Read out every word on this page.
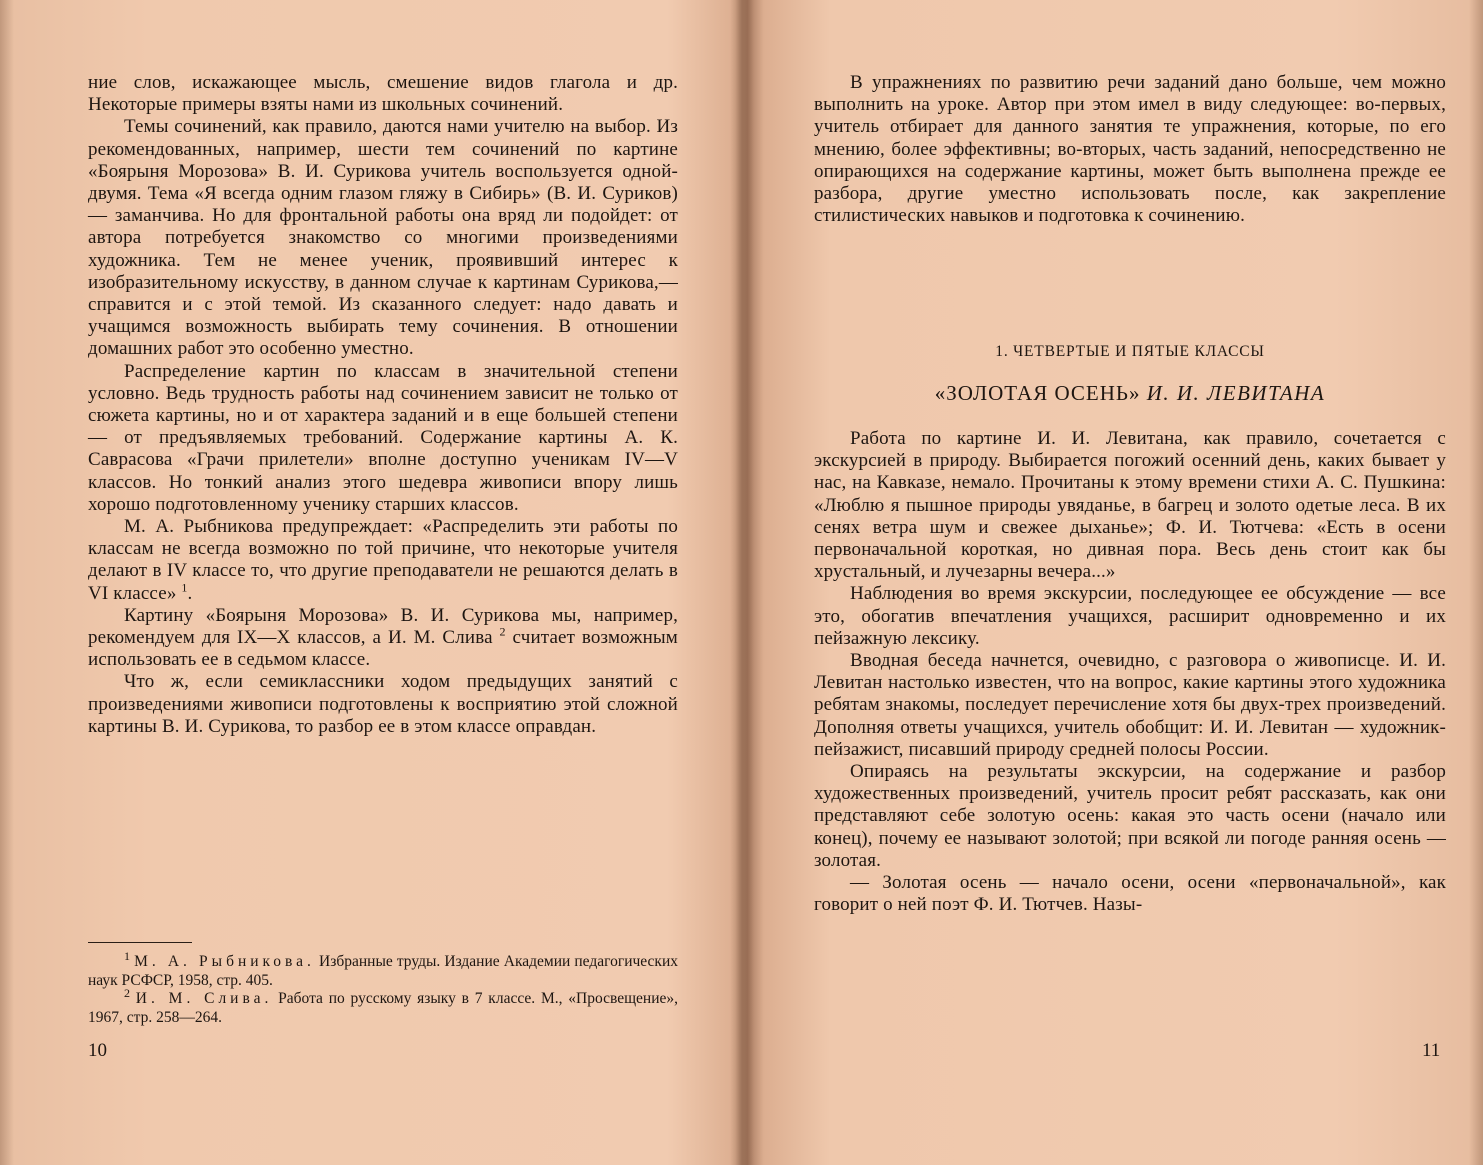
ние слов, искажающее мысль, смешение видов глагола и др. Некоторые примеры взяты нами из школьных сочинений.

Темы сочинений, как правило, даются нами учителю на выбор. Из рекомендованных, например, шести тем сочинений по картине «Боярыня Морозова» В. И. Сурикова учитель воспользуется одной-двумя. Тема «Я всегда одним глазом гляжу в Сибирь» (В. И. Суриков) — заманчива. Но для фронтальной работы она вряд ли подойдет: от автора потребуется знакомство со многими произведениями художника. Тем не менее ученик, проявивший интерес к изобразительному искусству, в данном случае к картинам Сурикова,— справится и с этой темой. Из сказанного следует: надо давать и учащимся возможность выбирать тему сочинения. В отношении домашних работ это особенно уместно.

Распределение картин по классам в значительной степени условно. Ведь трудность работы над сочинением зависит не только от сюжета картины, но и от характера заданий и в еще большей степени — от предъявляемых требований. Содержание картины А. К. Саврасова «Грачи прилетели» вполне доступно ученикам IV—V классов. Но тонкий анализ этого шедевра живописи впору лишь хорошо подготовленному ученику старших классов.

М. А. Рыбникова предупреждает: «Распределить эти работы по классам не всегда возможно по той причине, что некоторые учителя делают в IV классе то, что другие преподаватели не решаются делать в VI классе» $^1$.

Картину «Боярыня Морозова» В. И. Сурикова мы, например, рекомендуем для IX—X классов, а И. М. Слива $^2$ считает возможным использовать ее в седьмом классе.

Что ж, если семиклассники ходом предыдущих занятий с произведениями живописи подготовлены к восприятию этой сложной картины В. И. Сурикова, то разбор ее в этом классе оправдан.

$^1$ М. А. Рыбникова. Избранные труды. Издание Академии педагогических наук РСФСР, 1958, стр. 405.

$^2$ И. М. Слива. Работа по русскому языку в 7 классе. М., «Просвещение», 1967, стр. 258—264.

10

В упражнениях по развитию речи заданий дано больше, чем можно выполнить на уроке. Автор при этом имел в виду следующее: во-первых, учитель отбирает для данного занятия те упражнения, которые, по его мнению, более эффективны; во-вторых, часть заданий, непосредственно не опирающихся на содержание картины, может быть выполнена прежде ее разбора, другие уместно использовать после, как закрепление стилистических навыков и подготовка к сочинению.

1. ЧЕТВЕРТЫЕ И ПЯТЫЕ КЛАССЫ
«ЗОЛОТАЯ ОСЕНЬ» И. И. ЛЕВИТАНА

Работа по картине И. И. Левитана, как правило, сочетается с экскурсией в природу. Выбирается погожий осенний день, каких бывает у нас, на Кавказе, немало. Прочитаны к этому времени стихи А. С. Пушкина: «Люблю я пышное природы увяданье, в багрец и золото одетые леса. В их сенях ветра шум и свежее дыханье»; Ф. И. Тютчева: «Есть в осени первоначальной короткая, но дивная пора. Весь день стоит как бы хрустальный, и лучезарны вечера...»

Наблюдения во время экскурсии, последующее ее обсуждение — все это, обогатив впечатления учащихся, расширит одновременно и их пейзажную лексику.

Вводная беседа начнется, очевидно, с разговора о живописце. И. И. Левитан настолько известен, что на вопрос, какие картины этого художника ребятам знакомы, последует перечисление хотя бы двух-трех произведений. Дополняя ответы учащихся, учитель обобщит: И. И. Левитан — художник-пейзажист, писавший природу средней полосы России.

Опираясь на результаты экскурсии, на содержание и разбор художественных произведений, учитель просит ребят рассказать, как они представляют себе золотую осень: какая это часть осени (начало или конец), почему ее называют золотой; при всякой ли погоде ранняя осень — золотая.

— Золотая осень — начало осени, осени «первоначальной», как говорит о ней поэт Ф. И. Тютчев. Назы-

11
